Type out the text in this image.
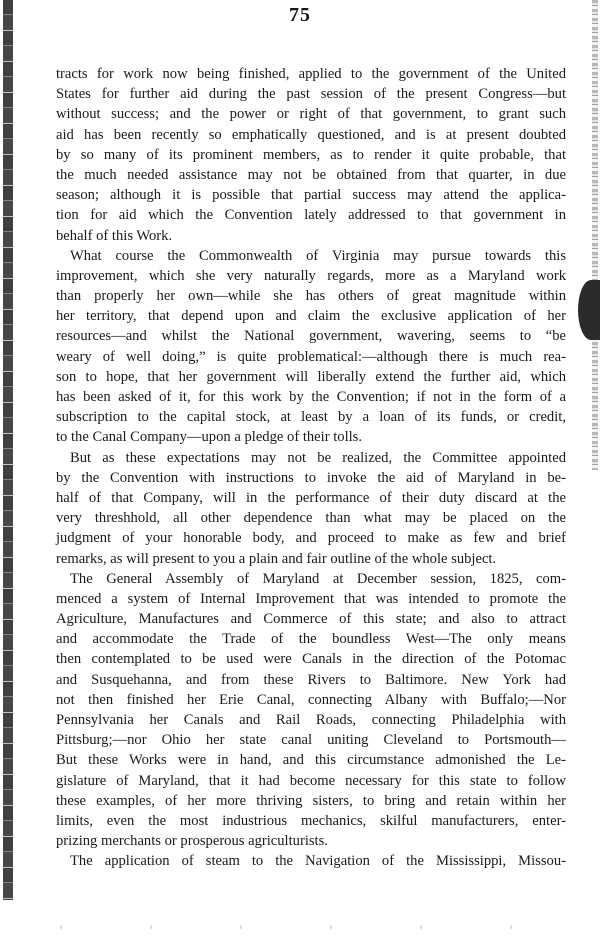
75
tracts for work now being finished, applied to the government of the United
States for further aid during the past session of the present Congress—but
without success; and the power or right of that government, to grant such
aid has been recently so emphatically questioned, and is at present doubted
by so many of its prominent members, as to render it quite probable, that
the much needed assistance may not be obtained from that quarter, in due
season; although it is possible that partial success may attend the applica-
tion for aid which the Convention lately addressed to that government in
behalf of this Work.
What course the Commonwealth of Virginia may pursue towards this
improvement, which she very naturally regards, more as a Maryland work
than properly her own—while she has others of great magnitude within
her territory, that depend upon and claim the exclusive application of her
resources—and whilst the National government, wavering, seems to “be
weary of well doing,” is quite problematical:—although there is much rea-
son to hope, that her government will liberally extend the further aid, which
has been asked of it, for this work by the Convention; if not in the form of a
subscription to the capital stock, at least by a loan of its funds, or credit,
to the Canal Company—upon a pledge of their tolls.
But as these expectations may not be realized, the Committee appointed
by the Convention with instructions to invoke the aid of Maryland in be-
half of that Company, will in the performance of their duty discard at the
very threshhold, all other dependence than what may be placed on the
judgment of your honorable body, and proceed to make as few and brief
remarks, as will present to you a plain and fair outline of the whole subject.
The General Assembly of Maryland at December session, 1825, com-
menced a system of Internal Improvement that was intended to promote the
Agriculture, Manufactures and Commerce of this state; and also to attract
and accommodate the Trade of the boundless West—The only means
then contemplated to be used were Canals in the direction of the Potomac
and Susquehanna, and from these Rivers to Baltimore. New York had
not then finished her Erie Canal, connecting Albany with Buffalo;—Nor
Pennsylvania her Canals and Rail Roads, connecting Philadelphia with
Pittsburg;—nor Ohio her state canal uniting Cleveland to Portsmouth—
But these Works were in hand, and this circumstance admonished the Le-
gislature of Maryland, that it had become necessary for this state to follow
these examples, of her more thriving sisters, to bring and retain within her
limits, even the most industrious mechanics, skilful manufacturers, enter-
prizing merchants or prosperous agriculturists.
The application of steam to the Navigation of the Mississippi, Missou-
